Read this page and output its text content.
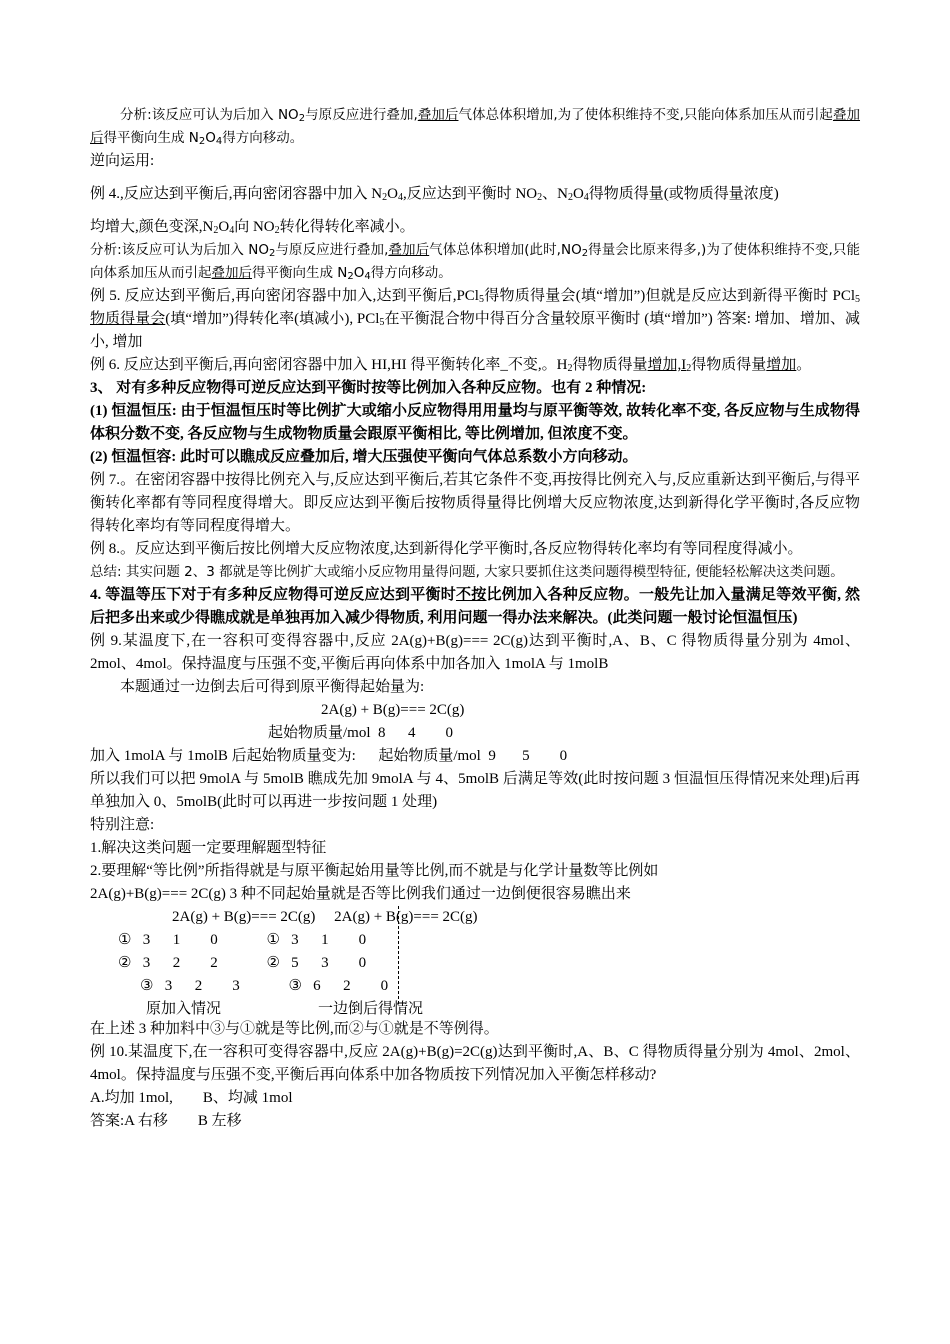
分析:该反应可认为后加入 $NO_2$与原反应进行叠加,叠加后气体总体积增加,为了使体积维持不变,只能向体系加压从而引起叠加后得平衡向生成 $N_2O_4$得方向移动。

逆向运用:

例 4.,反应达到平衡后,再向密闭容器中加入 $N_2O_4$,反应达到平衡时 $NO_2$、$N_2O_4$得物质得量(或物质得量浓度)

均增大,颜色变深$,N_2O_4$向 $NO_2$转化得转化率减小。

分析:该反应可认为后加入 $NO_2$与原反应进行叠加,叠加后气体总体积增加(此时$,NO_2$得量会比原来得多,)为了使体积维持不变,只能向体系加压从而引起叠加后得平衡向生成 $N_2O_4$得方向移动。

例 5. 反应达到平衡后,再向密闭容器中加入,达到平衡后,PCl$_5$得物质得量会(填“增加”)但就是反应达到新得平衡时 PCl$_5$物质得量会(填“增加”)得转化率(填减小), PCl$_5$在平衡混合物中得百分含量较原平衡时 (填“增加”) 答案: 增加、增加、减小, 增加

例 6. 反应达到平衡后,再向密闭容器中加入 HI,HI 得平衡转化率_不变,。$H_2$得物质得量增加$,I_2$得物质得量增加。

3、 对有多种反应物得可逆反应达到平衡时按等比例加入各种反应物。也有 2 种情况:

(1) 恒温恒压: 由于恒温恒压时等比例扩大或缩小反应物得用用量均与原平衡等效, 故转化率不变, 各反应物与生成物得体积分数不变, 各反应物与生成物物质量会跟原平衡相比, 等比例增加, 但浓度不变。

(2) 恒温恒容: 此时可以瞧成反应叠加后, 增大压强使平衡向气体总系数小方向移动。

例 7.。在密闭容器中按得比例充入与,反应达到平衡后,若其它条件不变,再按得比例充入与,反应重新达到平衡后,与得平衡转化率都有等同程度得增大。即反应达到平衡后按物质得量得比例增大反应物浓度,达到新得化学平衡时,各反应物得转化率均有等同程度得增大。

例 8.。反应达到平衡后按比例增大反应物浓度,达到新得化学平衡时,各反应物得转化率均有等同程度得减小。

总结: 其实问题 2、3 都就是等比例扩大或缩小反应物用量得问题, 大家只要抓住这类问题得模型特征, 便能轻松解决这类问题。

4. 等温等压下对于有多种反应物得可逆反应达到平衡时不按比例加入各种反应物。一般先让加入量满足等效平衡, 然后把多出来或少得瞧成就是单独再加入减少得物质, 利用问题一得办法来解决。(此类问题一般讨论恒温恒压)

例 9.某温度下,在一容积可变得容器中,反应 2A(g)+B(g)=== 2C(g)达到平衡时,A、B、C 得物质得量分别为 4mol、2mol、4mol。保持温度与压强不变,平衡后再向体系中加各加入 1molA 与 1molB

本题通过一边倒去后可得到原平衡得起始量为:

2A(g) + B(g)=== 2C(g)

起始物质量/mol  8      4        0

加入 1molA 与 1molB 后起始物质量变为:      起始物质量/mol  9       5        0

所以我们可以把 9molA 与 5molB 瞧成先加 9molA 与 4、5molB 后满足等效(此时按问题 3 恒温恒压得情况来处理)后再单独加入 0、5molB(此时可以再进一步按问题 1 处理)

特别注意:

1.解决这类问题一定要理解题型特征

2.要理解“等比例”所指得就是与原平衡起始用量等比例,而不就是与化学计量数等比例如

2A(g)+B(g)=== 2C(g) 3 种不同起始量就是否等比例我们通过一边倒便很容易瞧出来

2A(g) + B(g)=== 2C(g)     2A(g) + B(g)=== 2C(g)
①   3      1        0             ①   3      1        0
②   3      2        2             ②   5      3        0
③   3      2        3             ③   6      2        0
原加入情况	一边倒后得情况

在上述 3 种加料中③与①就是等比例,而②与①就是不等例得。

例 10.某温度下,在一容积可变得容器中,反应 2A(g)+B(g)=2C(g)达到平衡时,A、B、C 得物质得量分别为 4mol、2mol、4mol。保持温度与压强不变,平衡后再向体系中加各物质按下列情况加入平衡怎样移动?

A.均加 1mol,        B、均减 1mol

答案:A 右移        B 左移
